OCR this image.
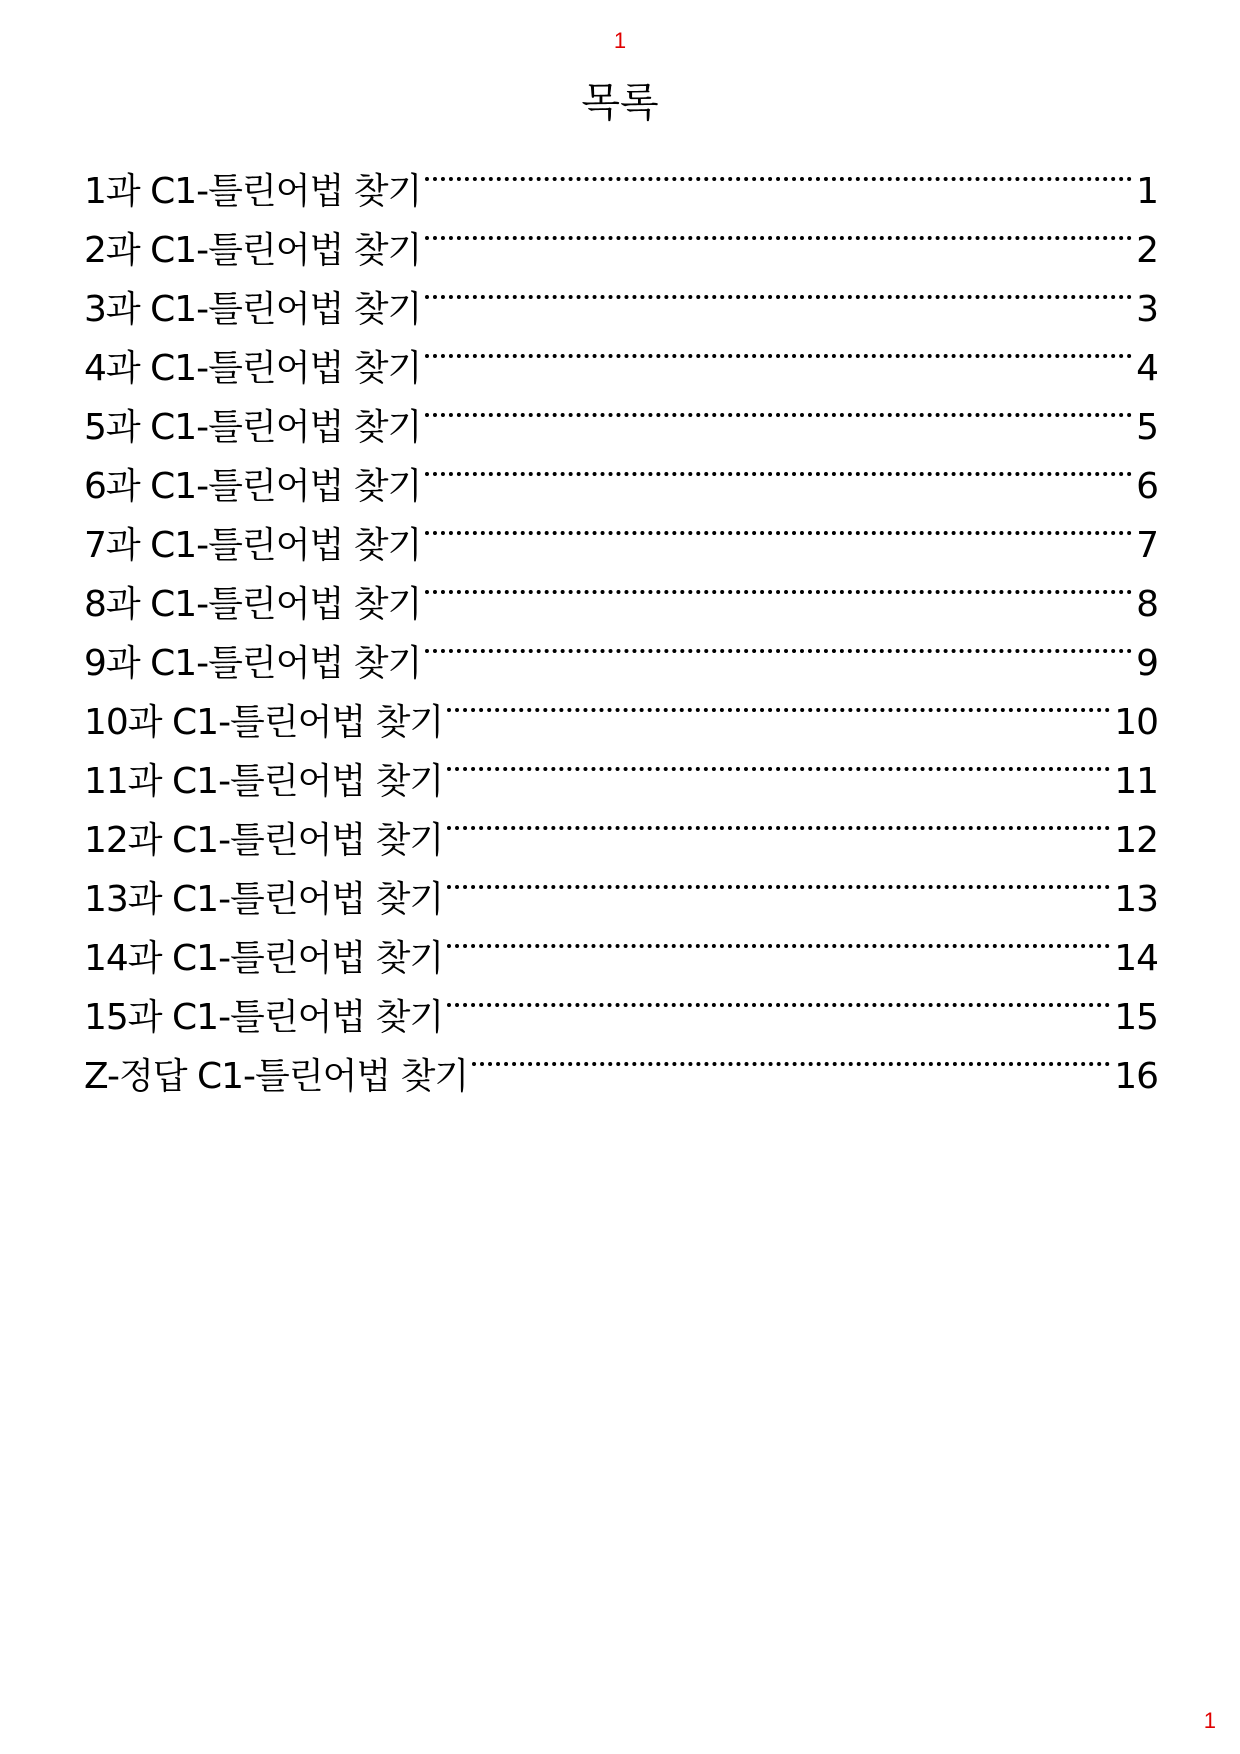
1
목록
1과 C1-틀린어법 찾기	1
2과 C1-틀린어법 찾기	2
3과 C1-틀린어법 찾기	3
4과 C1-틀린어법 찾기	4
5과 C1-틀린어법 찾기	5
6과 C1-틀린어법 찾기	6
7과 C1-틀린어법 찾기	7
8과 C1-틀린어법 찾기	8
9과 C1-틀린어법 찾기	9
10과 C1-틀린어법 찾기	10
11과 C1-틀린어법 찾기	11
12과 C1-틀린어법 찾기	12
13과 C1-틀린어법 찾기	13
14과 C1-틀린어법 찾기	14
15과 C1-틀린어법 찾기	15
Z-정답 C1-틀린어법 찾기	16
1
